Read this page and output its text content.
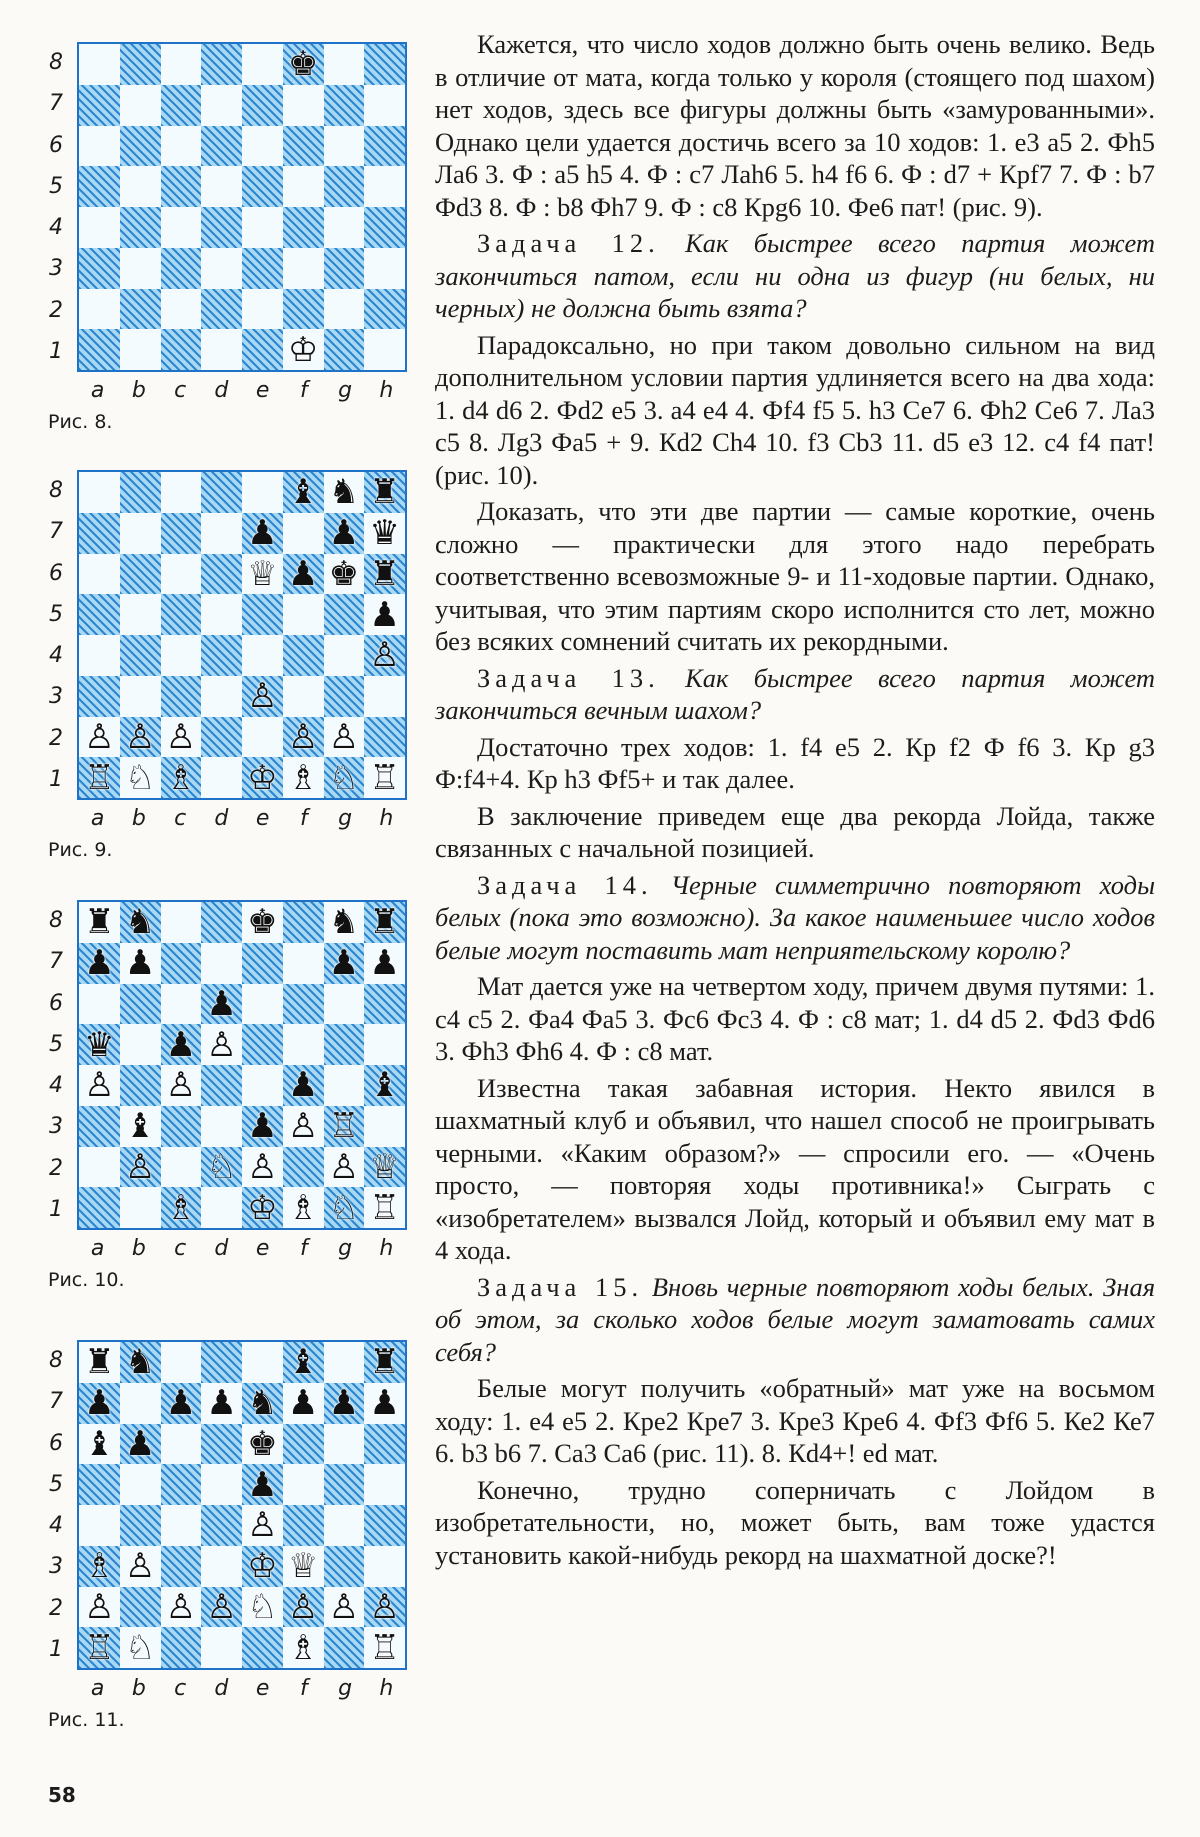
8
7
6
5
4
3
2
1
♚
♔
a	b	c	d	e	f	g	h
Рис. 8.
8
7
6
5
4
3
2
1
♝ ♞ ♜
♟ ♟ ♛
♕ ♟ ♚ ♜
♟
♙
♙
♙ ♙ ♙	♙ ♙
♖ ♘ ♗ ♔ ♗ ♘ ♖
a	b	c	d	e	f	g	h
Рис. 9.
8
7
6
5
4
3
2
1
♜ ♞	♚ ♞ ♜
♟ ♟	♟ ♟
♟
♛ ♟ ♙
♙ ♙	♟ ♝
♝	♟ ♙ ♖
♙ ♘ ♙ ♙ ♕
♗ ♔ ♗ ♘ ♖
a	b	c	d	e	f	g	h
Рис. 10.
8
7
6
5
4
3
2
1
♜ ♞	♝ ♜
♟ ♟ ♟ ♞ ♟ ♟ ♟
♝ ♟	♚
♟
♙
♗ ♙	♔ ♕
♙ ♙ ♙ ♘ ♙ ♙ ♙
♖ ♘	♗ ♖
a	b	c	d	e	f	g	h
Рис. 11.
58

Кажется, что число ходов должно быть очень велико. Ведь в отличие от мата, когда только у короля (стоящего под шахом) нет ходов, здесь все фигуры должны быть «замурованными». Однако цели удается достичь всего за 10 ходов: 1. е3 а5 2. Фh5 Ла6 3. Ф : а5 h5 4. Ф : с7 Лаh6 5. h4 f6 6. Ф : d7 + Крf7 7. Ф : b7 Фd3 8. Ф : b8 Фh7 9. Ф : с8 Крg6 10. Фе6 пат! (рис. 9).

Задача 12. Как быстрее всего партия может закончиться патом, если ни одна из фигур (ни белых, ни черных) не должна быть взята?

Парадоксально, но при таком довольно сильном на вид дополнительном условии партия удлиняется всего на два хода: 1. d4 d6 2. Фd2 е5 3. а4 е4 4. Фf4 f5 5. h3 Се7 6. Фh2 Се6 7. Ла3 с5 8. Лg3 Фа5 + 9. Кd2 Сh4 10. f3 Сb3 11. d5 е3 12. с4 f4 пат! (рис. 10).

Доказать, что эти две партии — самые короткие, очень сложно — практически для этого надо перебрать соответственно всевозможные 9- и 11-ходовые партии. Однако, учитывая, что этим партиям скоро исполнится сто лет, можно без всяких сомнений считать их рекордными.

Задача 13. Как быстрее всего партия может закончиться вечным шахом?

Достаточно трех ходов: 1. f4 е5 2. Кр f2 Ф f6 3. Кр g3 Ф:f4+4. Кр h3 Фf5+ и так далее.

В заключение приведем еще два рекорда Лойда, также связанных с начальной позицией.

Задача 14. Черные симметрично повторяют ходы белых (пока это возможно). За какое наименьшее число ходов белые могут поставить мат неприятельскому королю?

Мат дается уже на четвертом ходу, причем двумя путями: 1. с4 с5 2. Фа4 Фа5 3. Фс6 Фс3 4. Ф : с8 мат; 1. d4 d5 2. Фd3 Фd6 3. Фh3 Фh6 4. Ф : с8 мат.

Известна такая забавная история. Некто явился в шахматный клуб и объявил, что нашел способ не проигрывать черными. «Каким образом?» — спросили его. — «Очень просто, — повторяя ходы противника!» Сыграть с «изобретателем» вызвался Лойд, который и объявил ему мат в 4 хода.

Задача 15. Вновь черные повторяют ходы белых. Зная об этом, за сколько ходов белые могут заматовать самих себя?

Белые могут получить «обратный» мат уже на восьмом ходу: 1. е4 е5 2. Кре2 Кре7 3. Кре3 Кре6 4. Фf3 Фf6 5. Ке2 Ке7 6. b3 b6 7. Са3 Са6 (рис. 11). 8. Кd4+! еd мат.

Конечно, трудно соперничать с Лойдом в изобретательности, но, может быть, вам тоже удастся установить какой-нибудь рекорд на шахматной доске?!
